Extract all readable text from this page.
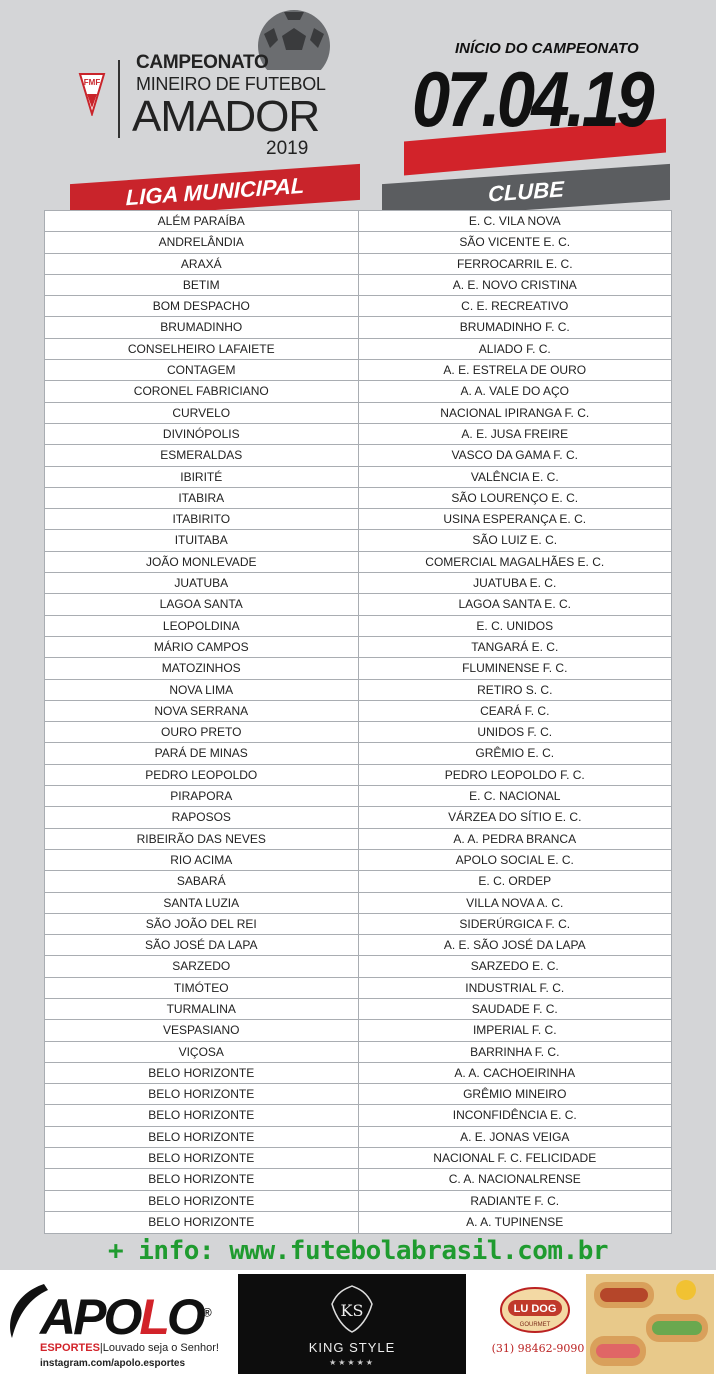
FMF
CAMPEONATO
MINEIRO DE FUTEBOL
AMADOR
2019
INÍCIO DO CAMPEONATO
07.04.19
LIGA MUNICIPAL	CLUBE
ALÉM PARAÍBA	E. C. VILA NOVA
ANDRELÂNDIA	SÃO VICENTE E. C.
ARAXÁ	FERROCARRIL E. C.
BETIM	A. E. NOVO CRISTINA
BOM DESPACHO	C. E. RECREATIVO
BRUMADINHO	BRUMADINHO F. C.
CONSELHEIRO LAFAIETE	ALIADO F. C.
CONTAGEM	A. E. ESTRELA DE OURO
CORONEL FABRICIANO	A. A. VALE DO AÇO
CURVELO	NACIONAL IPIRANGA F. C.
DIVINÓPOLIS	A. E. JUSA FREIRE
ESMERALDAS	VASCO DA GAMA F. C.
IBIRITÉ	VALÊNCIA E. C.
ITABIRA	SÃO LOURENÇO E. C.
ITABIRITO	USINA ESPERANÇA E. C.
ITUITABA	SÃO LUIZ E. C.
JOÃO MONLEVADE	COMERCIAL MAGALHÃES E. C.
JUATUBA	JUATUBA E. C.
LAGOA SANTA	LAGOA SANTA E. C.
LEOPOLDINA	E. C. UNIDOS
MÁRIO CAMPOS	TANGARÁ E. C.
MATOZINHOS	FLUMINENSE F. C.
NOVA LIMA	RETIRO S. C.
NOVA SERRANA	CEARÁ F. C.
OURO PRETO	UNIDOS F. C.
PARÁ DE MINAS	GRÊMIO E. C.
PEDRO LEOPOLDO	PEDRO LEOPOLDO F. C.
PIRAPORA	E. C. NACIONAL
RAPOSOS	VÁRZEA DO SÍTIO E. C.
RIBEIRÃO DAS NEVES	A. A. PEDRA BRANCA
RIO ACIMA	APOLO SOCIAL E. C.
SABARÁ	E. C. ORDEP
SANTA LUZIA	VILLA NOVA A. C.
SÃO JOÃO DEL REI	SIDERÚRGICA F. C.
SÃO JOSÉ DA LAPA	A. E. SÃO JOSÉ DA LAPA
SARZEDO	SARZEDO E. C.
TIMÓTEO	INDUSTRIAL F. C.
TURMALINA	SAUDADE F. C.
VESPASIANO	IMPERIAL F. C.
VIÇOSA	BARRINHA F. C.
BELO HORIZONTE	A. A. CACHOEIRINHA
BELO HORIZONTE	GRÊMIO MINEIRO
BELO HORIZONTE	INCONFIDÊNCIA E. C.
BELO HORIZONTE	A. E. JONAS VEIGA
BELO HORIZONTE	NACIONAL F. C. FELICIDADE
BELO HORIZONTE	C. A. NACIONALRENSE
BELO HORIZONTE	RADIANTE F. C.
BELO HORIZONTE	A. A. TUPINENSE
+ info: www.futebolabrasil.com.br
APOLO®
ESPORTES|Louvado seja o Senhor!
instagram.com/apolo.esportes
KS
KING STYLE
★★★★★
LU DOG
GOURMET
(31) 98462-9090
